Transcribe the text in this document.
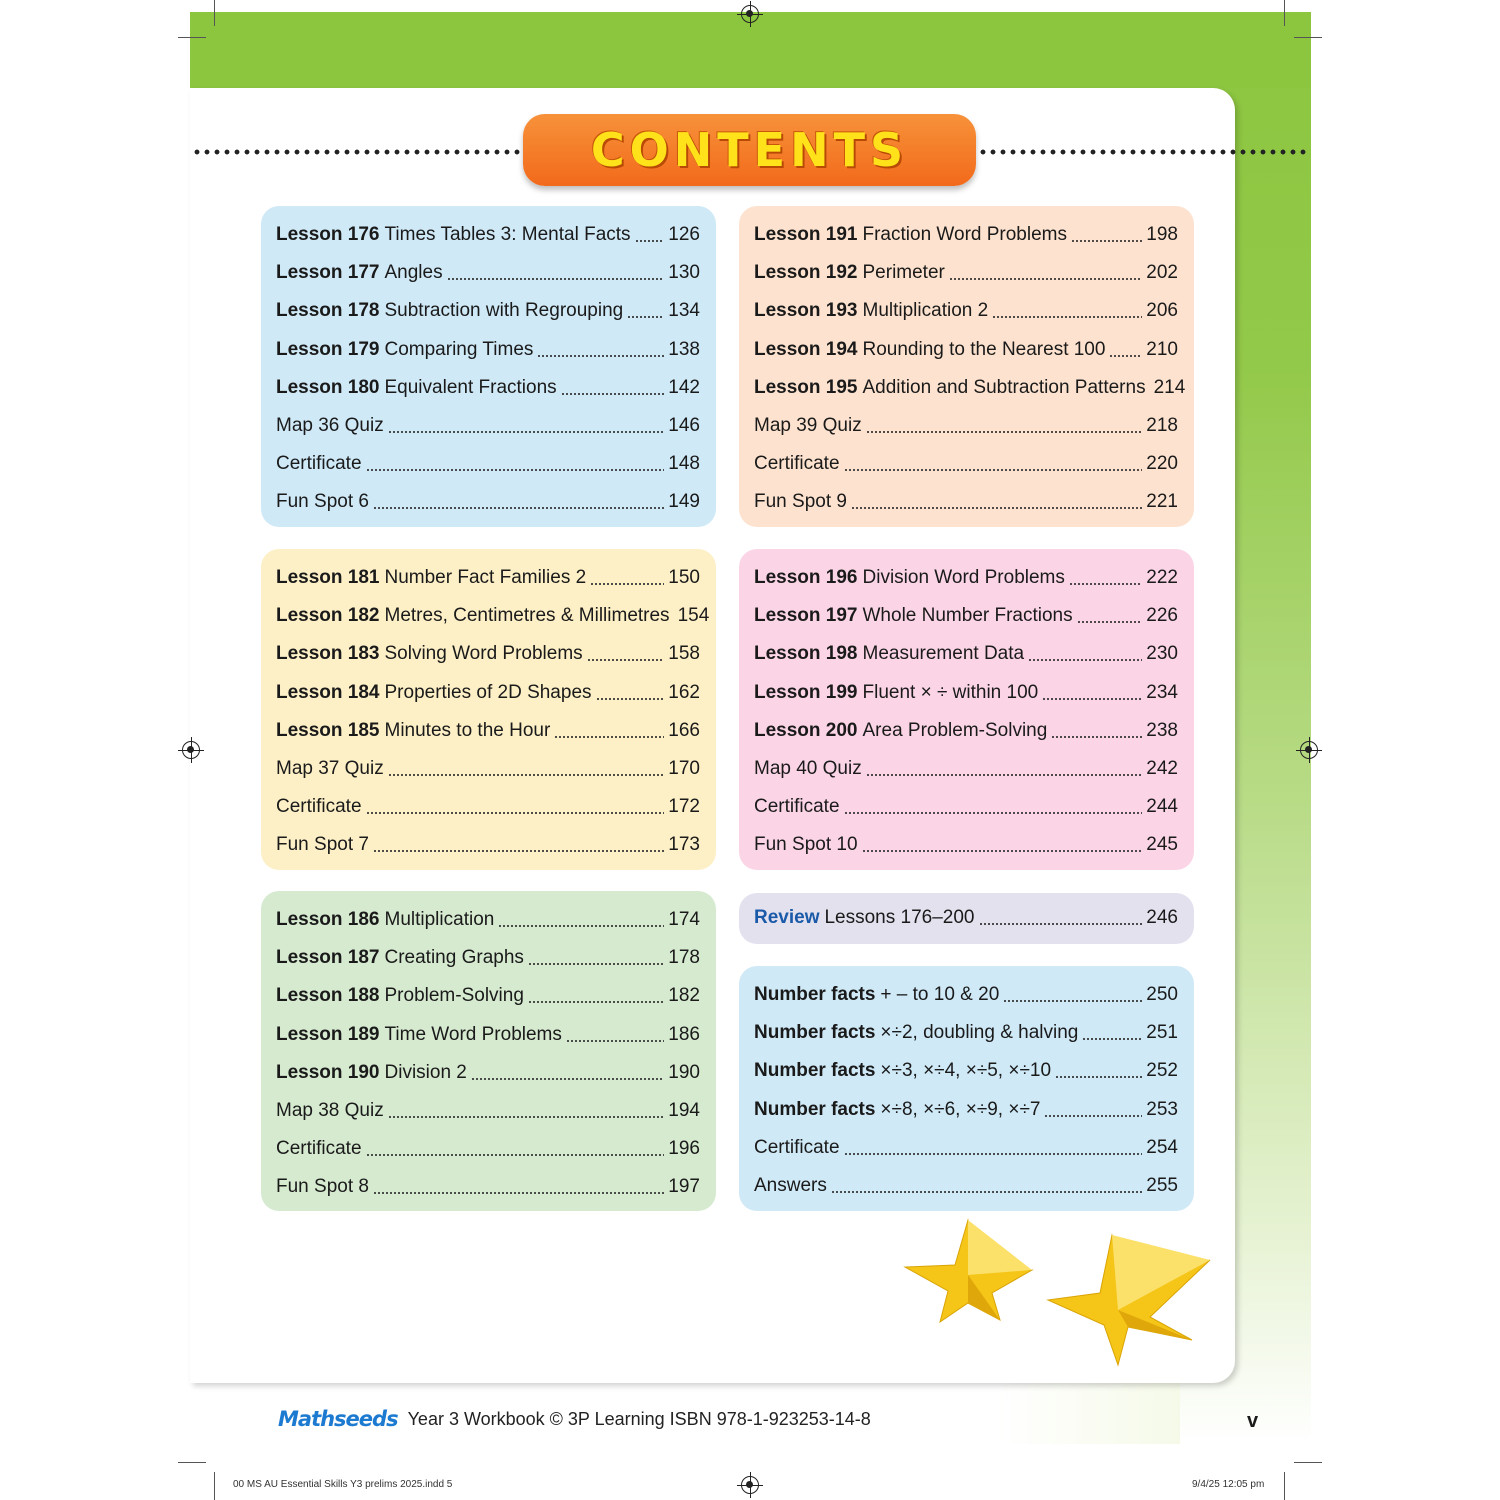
CONTENTS
Lesson 176 Times Tables 3: Mental Facts 126
Lesson 177 Angles	130
Lesson 178 Subtraction with Regrouping 134
Lesson 179 Comparing Times	138
Lesson 180 Equivalent Fractions	142
Map 36 Quiz	146
Certificate	148
Fun Spot 6	149
Lesson 191 Fraction Word Problems	198
Lesson 192 Perimeter	202
Lesson 193 Multiplication 2	206
Lesson 194 Rounding to the Nearest 100 210
Lesson 195 Addition and Subtraction Patterns 214
Map 39 Quiz	218
Certificate	220
Fun Spot 9	221
Lesson 181 Number Fact Families 2	150
Lesson 182 Metres, Centimetres & Millimetres 154
Lesson 183 Solving Word Problems	158
Lesson 184 Properties of 2D Shapes	162
Lesson 185 Minutes to the Hour	166
Map 37 Quiz	170
Certificate	172
Fun Spot 7	173
Lesson 196 Division Word Problems	222
Lesson 197 Whole Number Fractions	226
Lesson 198 Measurement Data	230
Lesson 199 Fluent × ÷ within 100	234
Lesson 200 Area Problem-Solving	238
Map 40 Quiz	242
Certificate	244
Fun Spot 10	245
Lesson 186 Multiplication	174
Lesson 187 Creating Graphs	178
Lesson 188 Problem-Solving	182
Lesson 189 Time Word Problems	186
Lesson 190 Division 2	190
Map 38 Quiz	194
Certificate	196
Fun Spot 8	197
Review Lessons 176–200	246
Number facts + – to 10 & 20	250
Number facts ×÷2, doubling & halving	251
Number facts ×÷3, ×÷4, ×÷5, ×÷10	252
Number facts ×÷8, ×÷6, ×÷9, ×÷7	253
Certificate	254
Answers	255
Mathseeds Year 3 Workbook © 3P Learning ISBN 978-1-923253-14-8	v
00 MS AU Essential Skills Y3 prelims 2025.indd 5	9/4/25 12:05 pm
